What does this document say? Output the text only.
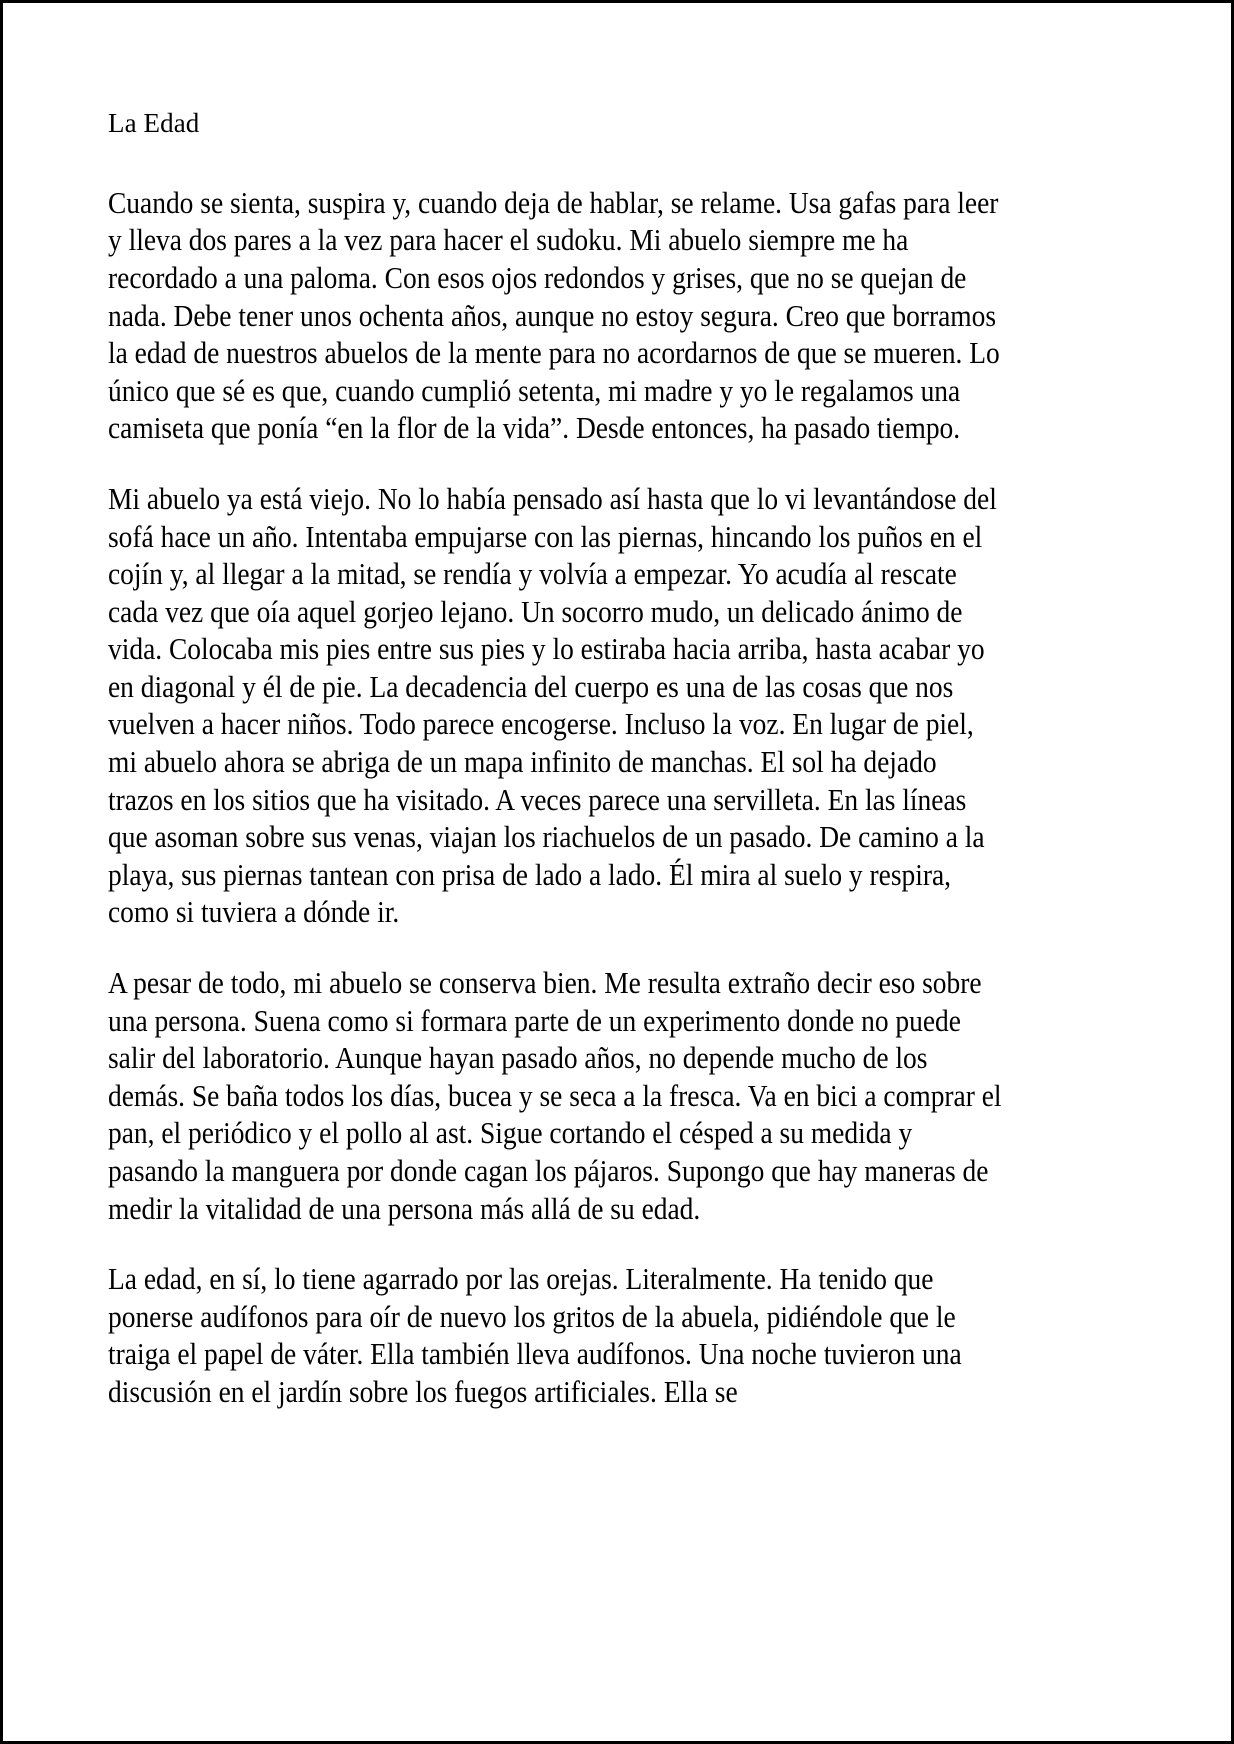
La Edad

Cuando se sienta, suspira y, cuando deja de hablar, se relame. Usa gafas para leer y lleva dos pares a la vez para hacer el sudoku. Mi abuelo siempre me ha recordado a una paloma. Con esos ojos redondos y grises, que no se quejan de nada. Debe tener unos ochenta años, aunque no estoy segura. Creo que borramos la edad de nuestros abuelos de la mente para no acordarnos de que se mueren. Lo único que sé es que, cuando cumplió setenta, mi madre y yo le regalamos una camiseta que ponía “en la flor de la vida”. Desde entonces, ha pasado tiempo.

Mi abuelo ya está viejo. No lo había pensado así hasta que lo vi levantándose del sofá hace un año. Intentaba empujarse con las piernas, hincando los puños en el cojín y, al llegar a la mitad, se rendía y volvía a empezar. Yo acudía al rescate cada vez que oía aquel gorjeo lejano. Un socorro mudo, un delicado ánimo de vida. Colocaba mis pies entre sus pies y lo estiraba hacia arriba, hasta acabar yo en diagonal y él de pie. La decadencia del cuerpo es una de las cosas que nos vuelven a hacer niños. Todo parece encogerse. Incluso la voz. En lugar de piel, mi abuelo ahora se abriga de un mapa infinito de manchas. El sol ha dejado trazos en los sitios que ha visitado. A veces parece una servilleta. En las líneas que asoman sobre sus venas, viajan los riachuelos de un pasado. De camino a la playa, sus piernas tantean con prisa de lado a lado. Él mira al suelo y respira, como si tuviera a dónde ir.

A pesar de todo, mi abuelo se conserva bien. Me resulta extraño decir eso sobre una persona. Suena como si formara parte de un experimento donde no puede salir del laboratorio. Aunque hayan pasado años, no depende mucho de los demás. Se baña todos los días, bucea y se seca a la fresca. Va en bici a comprar el pan, el periódico y el pollo al ast. Sigue cortando el césped a su medida y pasando la manguera por donde cagan los pájaros. Supongo que hay maneras de medir la vitalidad de una persona más allá de su edad.

La edad, en sí, lo tiene agarrado por las orejas. Literalmente. Ha tenido que ponerse audífonos para oír de nuevo los gritos de la abuela, pidiéndole que le traiga el papel de váter. Ella también lleva audífonos. Una noche tuvieron una discusión en el jardín sobre los fuegos artificiales. Ella se
